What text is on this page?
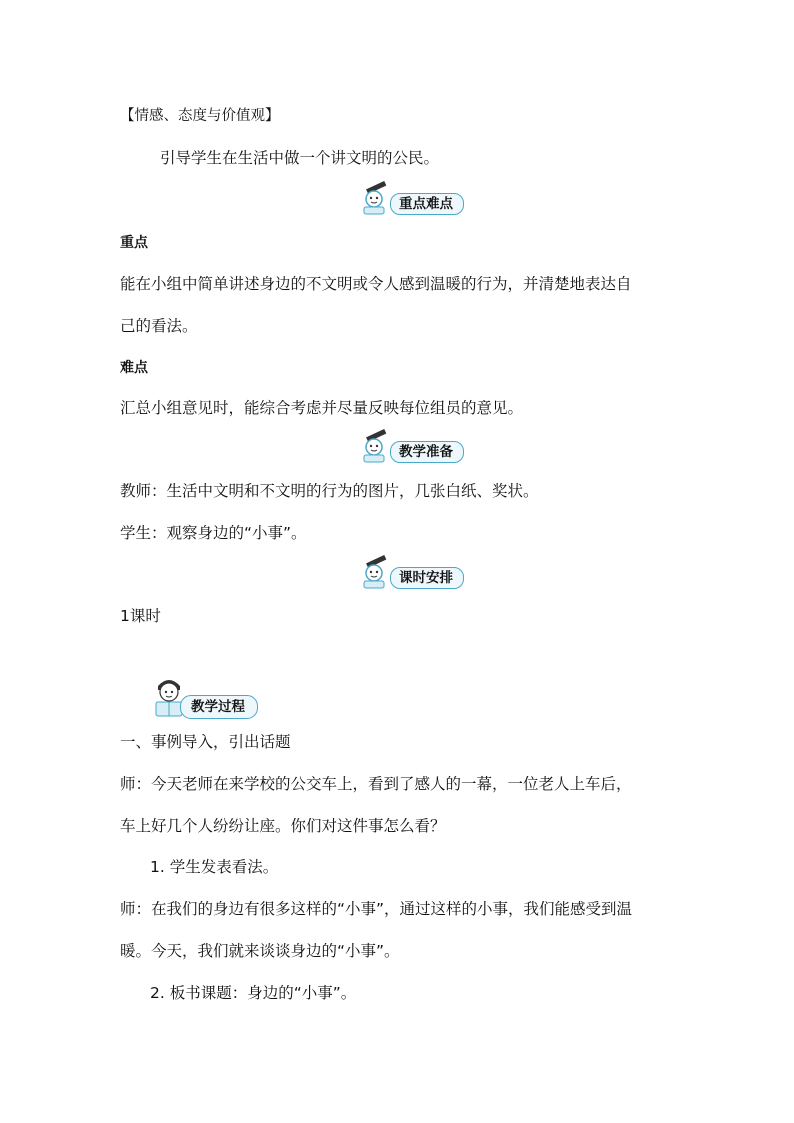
【情感、态度与价值观】
引导学生在生活中做一个讲文明的公民。
重点难点
重点
能在小组中简单讲述身边的不文明或令人感到温暖的行为，并清楚地表达自
己的看法。
难点
汇总小组意见时，能综合考虑并尽量反映每位组员的意见。
教学准备
教师：生活中文明和不文明的行为的图片，几张白纸、奖状。
学生：观察身边的“小事”。
课时安排
1课时
教学过程
一、事例导入，引出话题
师：今天老师在来学校的公交车上，看到了感人的一幕，一位老人上车后，
车上好几个人纷纷让座。你们对这件事怎么看？
1. 学生发表看法。
师：在我们的身边有很多这样的“小事”，通过这样的小事，我们能感受到温
暖。今天，我们就来谈谈身边的“小事”。
2. 板书课题：身边的“小事”。
